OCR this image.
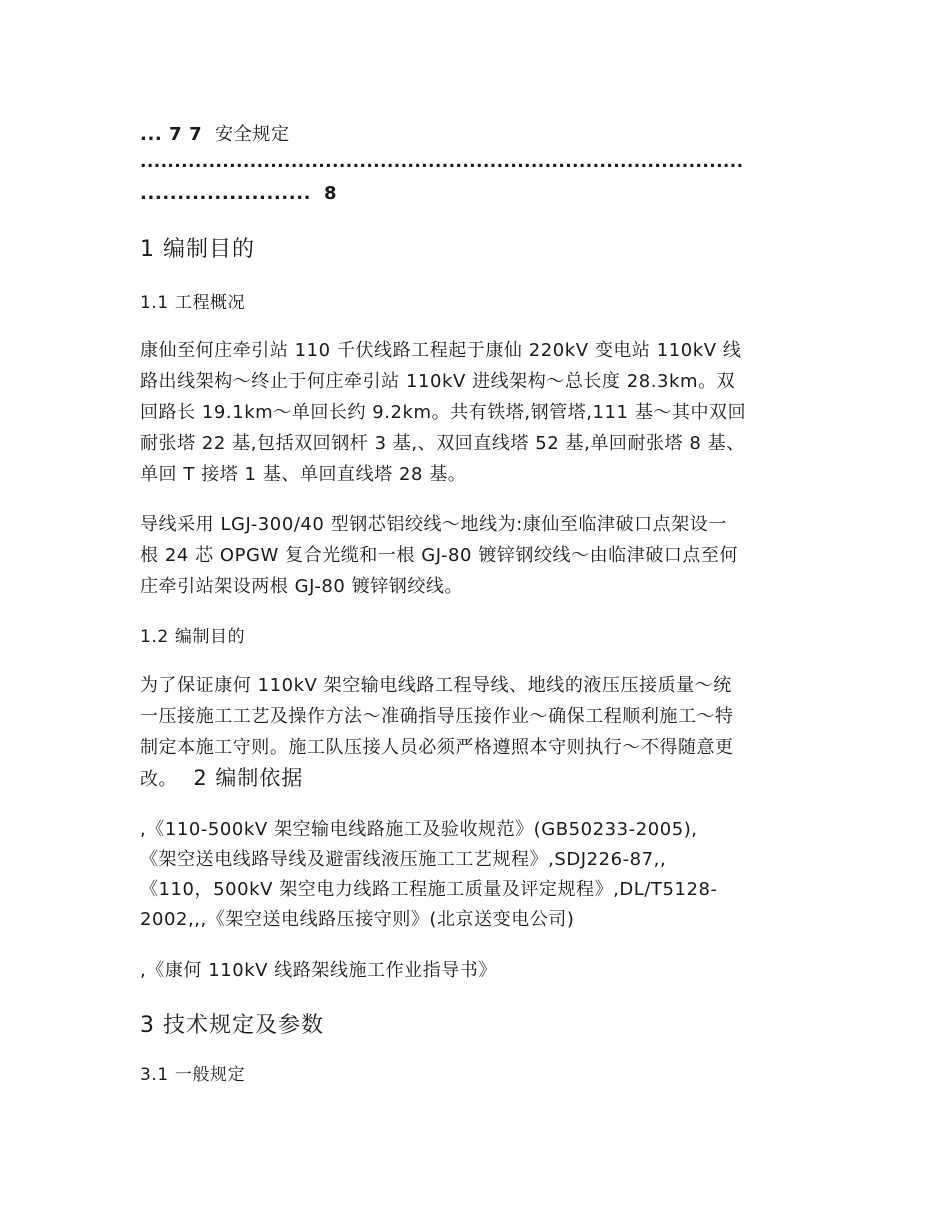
... 7 7 安全规定
........................................................................................
....................... 8
1 编制目的
1.1 工程概况
康仙至何庄牵引站 110 千伏线路工程起于康仙 220kV 变电站 110kV 线
路出线架构～终止于何庄牵引站 110kV 进线架构～总长度 28.3km。双
回路长 19.1km～单回长约 9.2km。共有铁塔,钢管塔,111 基～其中双回
耐张塔 22 基,包括双回钢杆 3 基,、双回直线塔 52 基,单回耐张塔 8 基、
单回 T 接塔 1 基、单回直线塔 28 基。
导线采用 LGJ-300/40 型钢芯铝绞线～地线为:康仙至临津破口点架设一
根 24 芯 OPGW 复合光缆和一根 GJ-80 镀锌钢绞线～由临津破口点至何
庄牵引站架设两根 GJ-80 镀锌钢绞线。
1.2 编制目的
为了保证康何 110kV 架空输电线路工程导线、地线的液压压接质量～统
一压接施工工艺及操作方法～准确指导压接作业～确保工程顺利施工～特
制定本施工守则。施工队压接人员必须严格遵照本守则执行～不得随意更
改。 2 编制依据
,《110-500kV 架空输电线路施工及验收规范》(GB50233-2005),
《架空送电线路导线及避雷线液压施工工艺规程》,SDJ226-87,,
《110，500kV 架空电力线路工程施工质量及评定规程》,DL/T5128-
2002,,,《架空送电线路压接守则》(北京送变电公司)
,《康何 110kV 线路架线施工作业指导书》
3 技术规定及参数
3.1 一般规定
